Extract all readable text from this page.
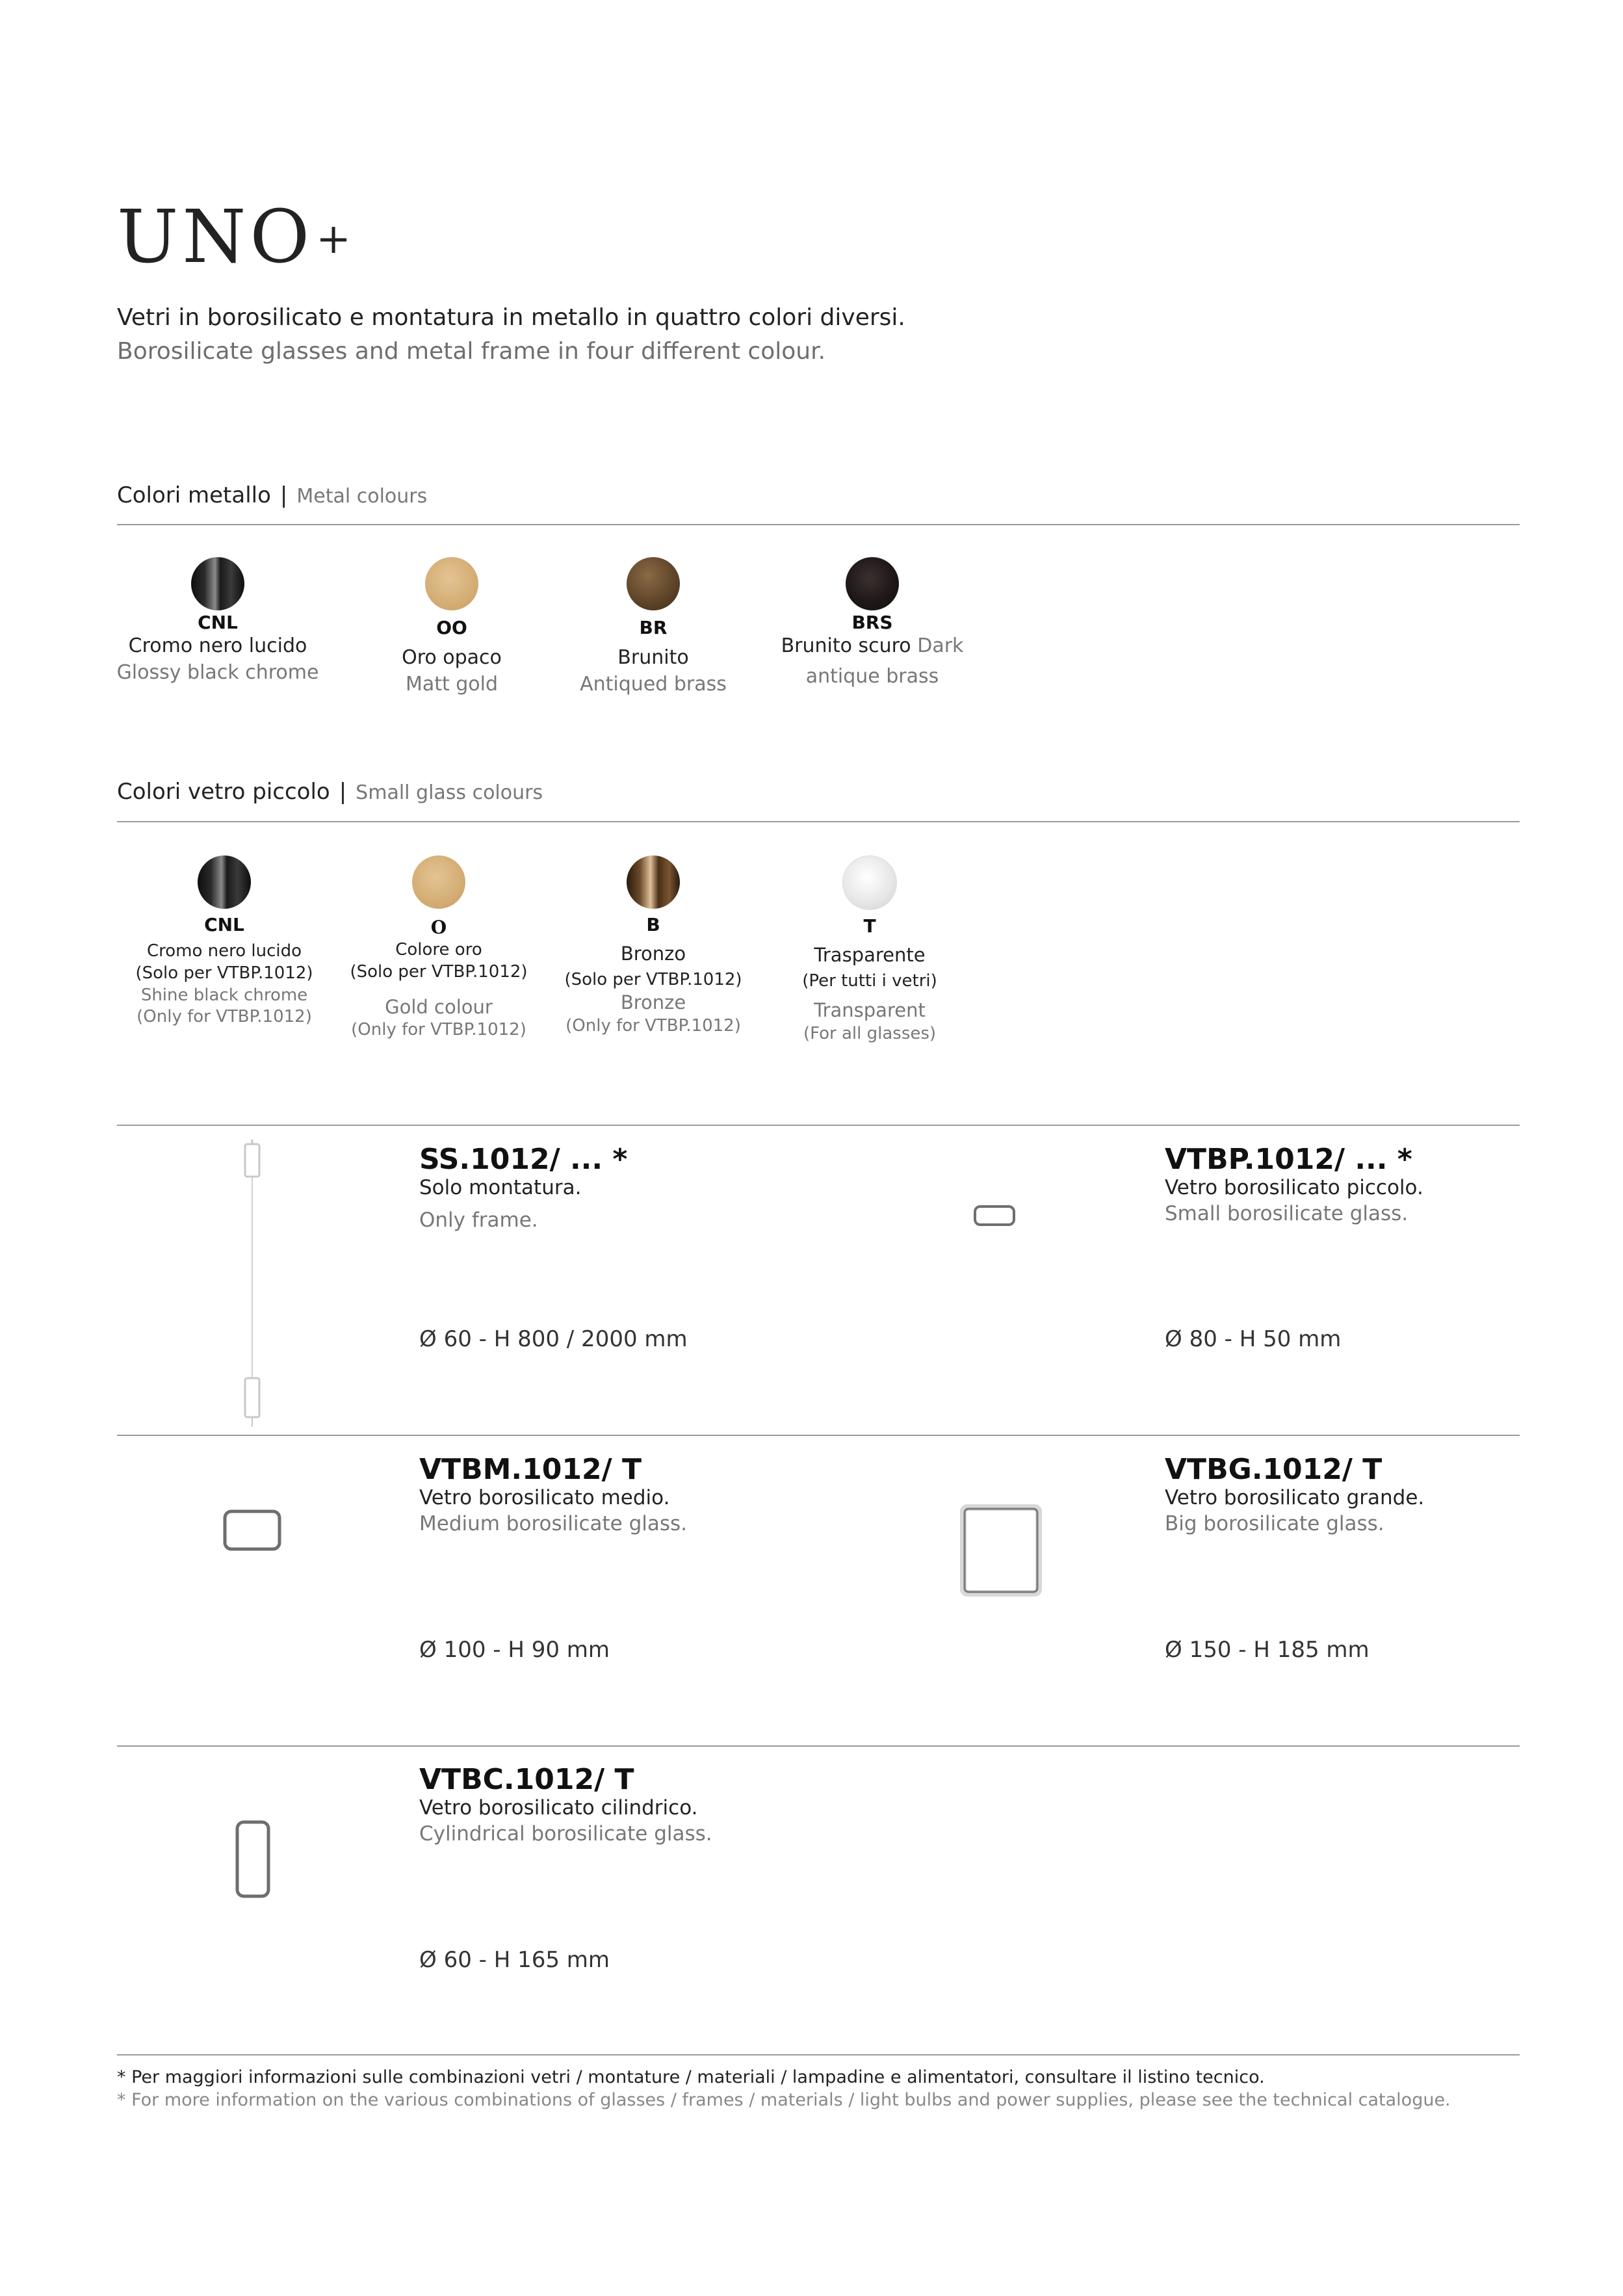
UNO+
Vetri in borosilicato e montatura in metallo in quattro colori diversi.
Borosilicate glasses and metal frame in four different colour.
Colori metallo | Metal colours
CNL
Cromo nero lucido
Glossy black chrome
OO
Oro opaco
Matt gold
BR
Brunito
Antiqued brass
BRS
Brunito scuro Dark
antique brass
Colori vetro piccolo | Small glass colours
CNL
Cromo nero lucido
(Solo per VTBP.1012)
Shine black chrome
(Only for VTBP.1012)
O
Colore oro
(Solo per VTBP.1012)
Gold colour
(Only for VTBP.1012)
B
Bronzo
(Solo per VTBP.1012)
Bronze
(Only for VTBP.1012)
T
Trasparente
(Per tutti i vetri)
Transparent
(For all glasses)
SS.1012/ ... *
Solo montatura.
Only frame.
Ø 60 - H 800 / 2000 mm
VTBP.1012/ ... *
Vetro borosilicato piccolo.
Small borosilicate glass.
Ø 80 - H 50 mm
VTBM.1012/ T
Vetro borosilicato medio.
Medium borosilicate glass.
Ø 100 - H 90 mm
VTBG.1012/ T
Vetro borosilicato grande.
Big borosilicate glass.
Ø 150 - H 185 mm
VTBC.1012/ T
Vetro borosilicato cilindrico.
Cylindrical borosilicate glass.
Ø 60 - H 165 mm
* Per maggiori informazioni sulle combinazioni vetri / montature / materiali / lampadine e alimentatori, consultare il listino tecnico.
* For more information on the various combinations of glasses / frames / materials / light bulbs and power supplies, please see the technical catalogue.
